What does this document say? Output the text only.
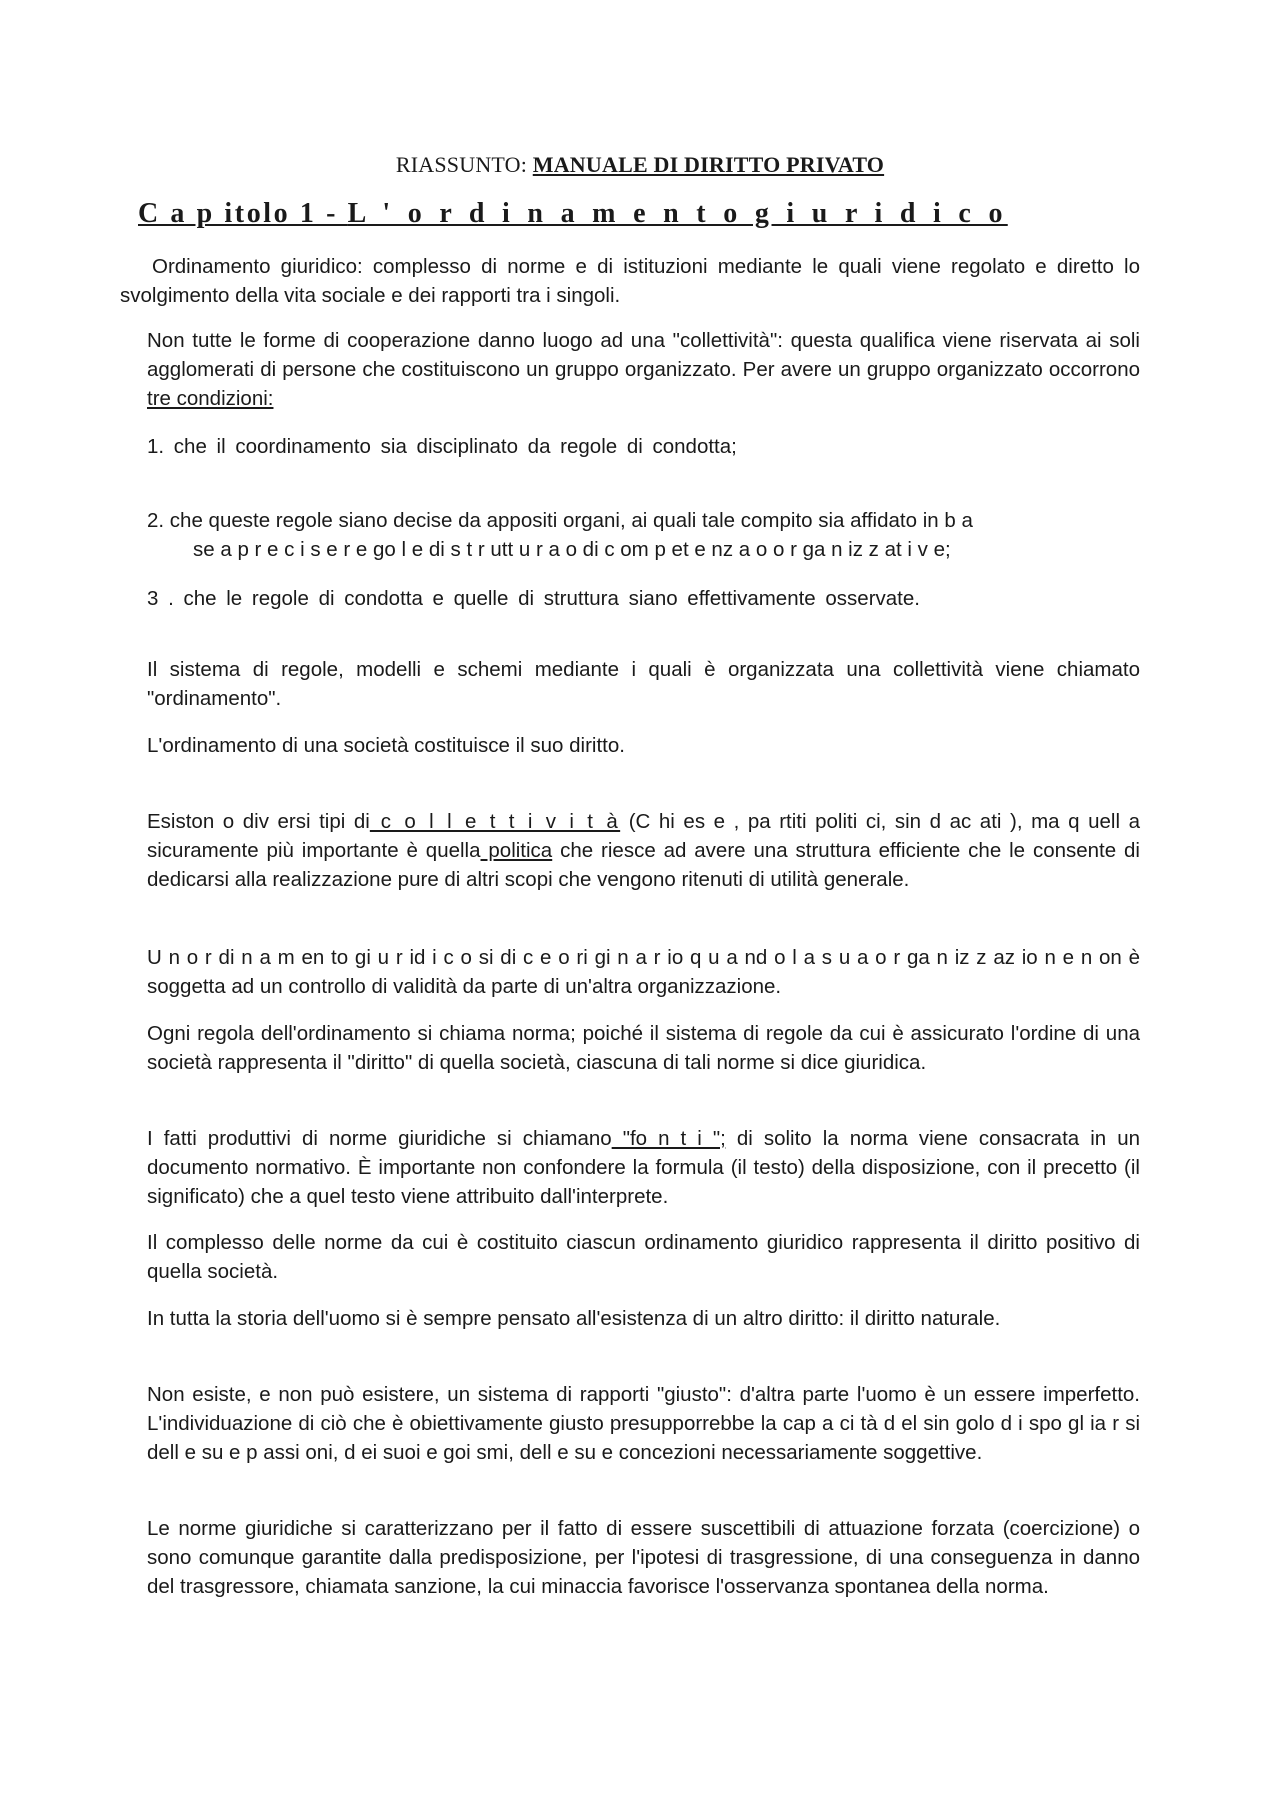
RIASSUNTO: MANUALE DI DIRITTO PRIVATO
C a p itolo 1 - L ' o r d i n a m e n t o g i u r i d i c o

Ordinamento giuridico: complesso di norme e di istituzioni mediante le quali viene regolato e diretto lo svolgimento della vita sociale e dei rapporti tra i singoli.

Non tutte le forme di cooperazione danno luogo ad una "collettività": questa qualifica viene riservata ai soli agglomerati di persone che costituiscono un gruppo organizzato. Per avere un gruppo organizzato occorrono tre condizioni:

1. che il coordinamento sia disciplinato da regole di condotta;

2. che queste regole siano decise da appositi organi, ai quali tale compito sia affidato in b a
se a p r e c i s e r e go l e di s t r utt u r a o di c om p et e nz a o o r ga n iz z at i v e;

3 . che le regole di condotta e quelle di struttura siano effettivamente osservate.

Il sistema di regole, modelli e schemi mediante i quali è organizzata una collettività viene chiamato "ordinamento".

L'ordinamento di una società costituisce il suo diritto.

Esiston o div ersi tipi di c o l l e t t i v i t à (C hi es e , pa rtiti politi ci, sin d ac ati ), ma q uell a sicuramente più importante è quella politica che riesce ad avere una struttura efficiente che le consente di dedicarsi alla realizzazione pure di altri scopi che vengono ritenuti di utilità generale.

U n o r di n a m en to gi u r id i c o si di c e o ri gi n a r io q u a nd o l a s u a o r ga n iz z az io n e n on è soggetta ad un controllo di validità da parte di un'altra organizzazione.

Ogni regola dell'ordinamento si chiama norma; poiché il sistema di regole da cui è assicurato l'ordine di una società rappresenta il "diritto" di quella società, ciascuna di tali norme si dice giuridica.

I fatti produttivi di norme giuridiche si chiamano "fo n t i "; di solito la norma viene consacrata in un documento normativo. È importante non confondere la formula (il testo) della disposizione, con il precetto (il significato) che a quel testo viene attribuito dall'interprete.

Il complesso delle norme da cui è costituito ciascun ordinamento giuridico rappresenta il diritto positivo di quella società.

In tutta la storia dell'uomo si è sempre pensato all'esistenza di un altro diritto: il diritto naturale.

Non esiste, e non può esistere, un sistema di rapporti "giusto": d'altra parte l'uomo è un essere imperfetto. L'individuazione di ciò che è obiettivamente giusto presupporrebbe la cap a ci tà d el sin golo d i spo gl ia r si dell e su e p assi oni, d ei suoi e goi smi, dell e su e concezioni necessariamente soggettive.

Le norme giuridiche si caratterizzano per il fatto di essere suscettibili di attuazione forzata (coercizione) o sono comunque garantite dalla predisposizione, per l'ipotesi di trasgressione, di una conseguenza in danno del trasgressore, chiamata sanzione, la cui minaccia favorisce l'osservanza spontanea della norma.
